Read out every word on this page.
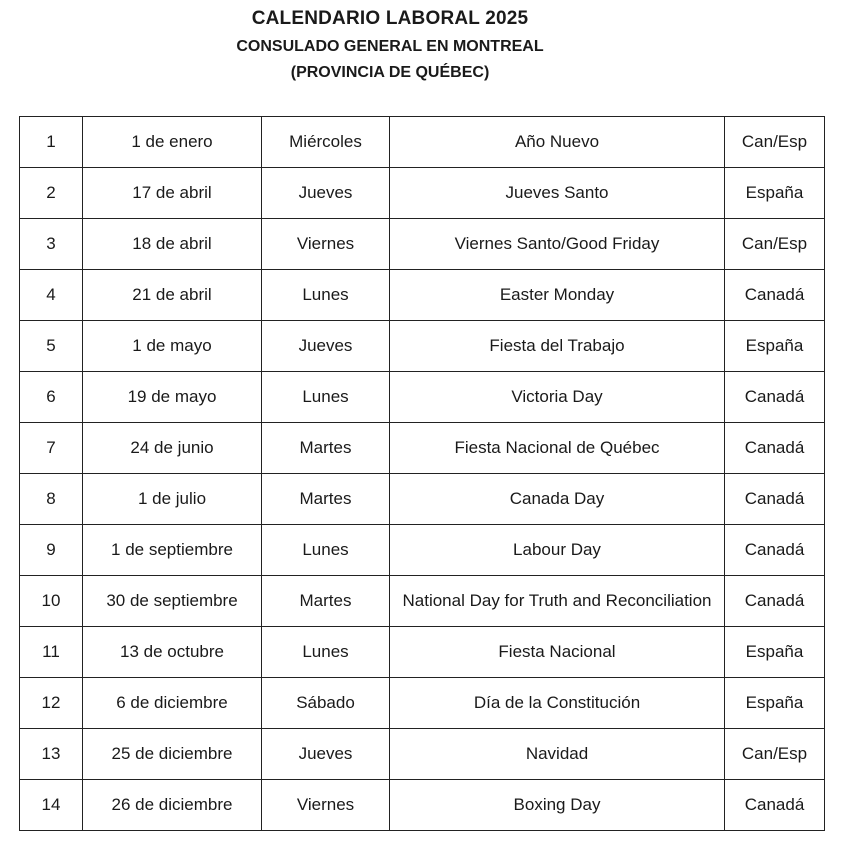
CALENDARIO LABORAL 2025
CONSULADO GENERAL EN MONTREAL
(PROVINCIA DE QUÉBEC)
1	1 de enero	Miércoles	Año Nuevo	Can/Esp
2	17 de abril	Jueves	Jueves Santo	España
3	18 de abril	Viernes	Viernes Santo/Good Friday	Can/Esp
4	21 de abril	Lunes	Easter Monday	Canadá
5	1 de mayo	Jueves	Fiesta del Trabajo	España
6	19 de mayo	Lunes	Victoria Day	Canadá
7	24 de junio	Martes	Fiesta Nacional de Québec	Canadá
8	1 de julio	Martes	Canada Day	Canadá
9	1 de septiembre	Lunes	Labour Day	Canadá
10	30 de septiembre	Martes	National Day for Truth and Reconciliation	Canadá
11	13 de octubre	Lunes	Fiesta Nacional	España
12	6 de diciembre	Sábado	Día de la Constitución	España
13	25 de diciembre	Jueves	Navidad	Can/Esp
14	26 de diciembre	Viernes	Boxing Day	Canadá
